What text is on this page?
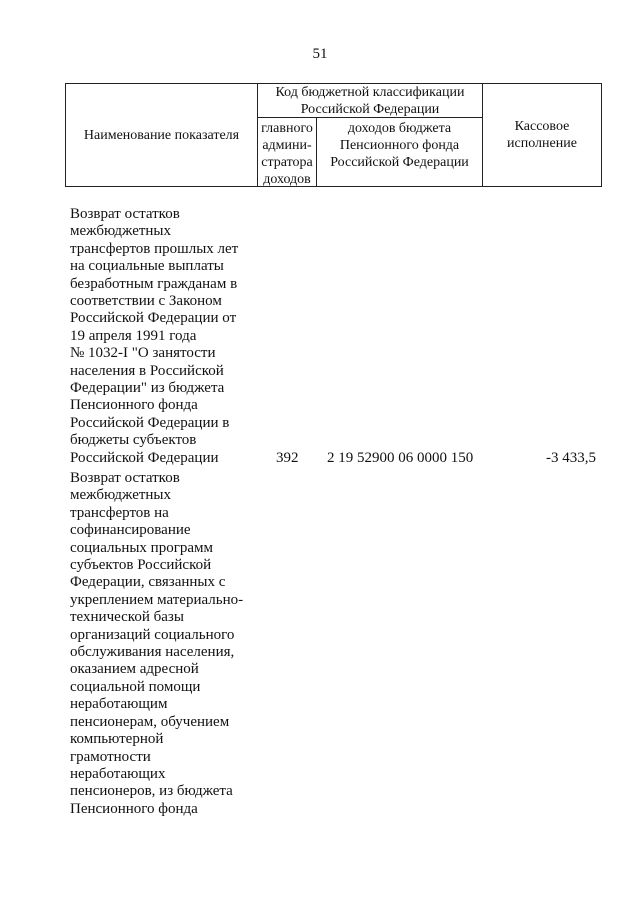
51
Наименование показателя
Код бюджетной классификации Российской Федерации
главного админи-стратора доходов
доходов бюджета Пенсионного фонда Российской Федерации
Кассовое исполнение
Возврат остатков
межбюджетных
трансфертов прошлых лет
на социальные выплаты
безработным гражданам в
соответствии с Законом
Российской Федерации от
19 апреля 1991 года
№ 1032-I "О занятости
населения в Российской
Федерации" из бюджета
Пенсионного фонда
Российской Федерации в
бюджеты субъектов
Российской Федерации	392 2 19 52900 06 0000 150	-3 433,5
Возврат остатков
межбюджетных
трансфертов на
софинансирование
социальных программ
субъектов Российской
Федерации, связанных с
укреплением материально-
технической базы
организаций социального
обслуживания населения,
оказанием адресной
социальной помощи
неработающим
пенсионерам, обучением
компьютерной
грамотности
неработающих
пенсионеров, из бюджета
Пенсионного фонда
